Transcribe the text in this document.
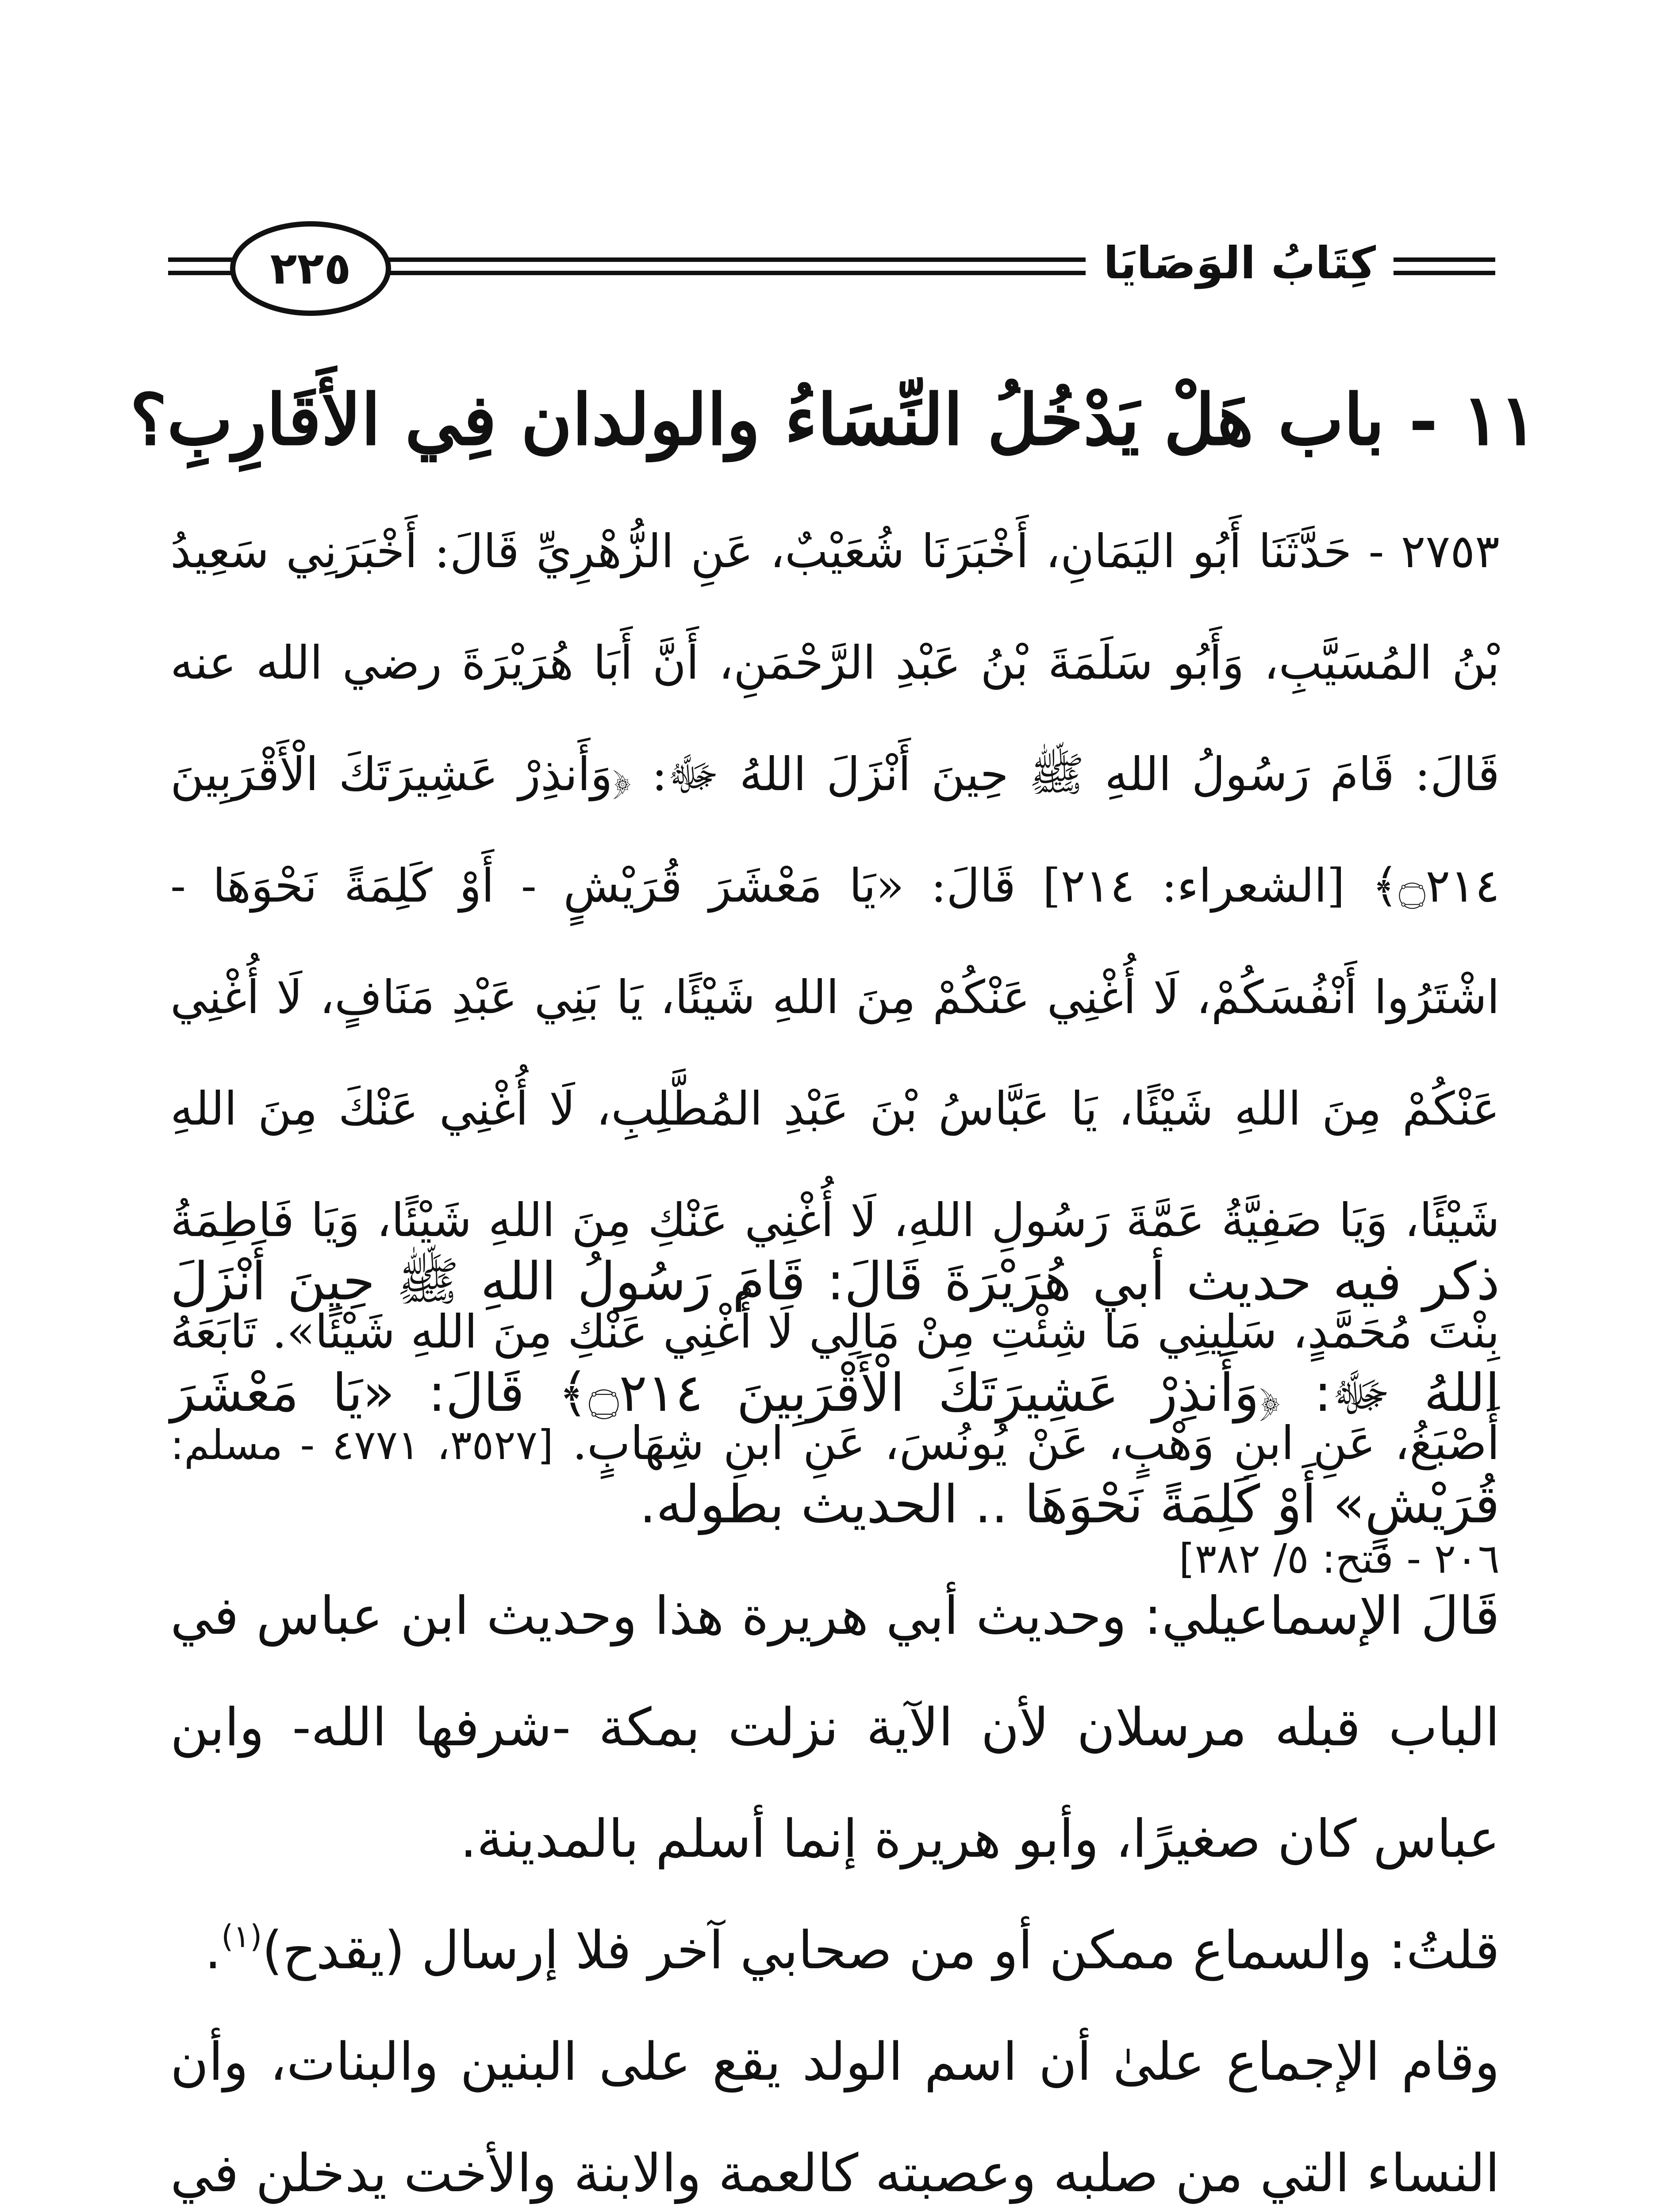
كِتَابُ الوَصَايَا
٢٢٥
١١ - باب هَلْ يَدْخُلُ النِّسَاءُ والولدان فِي الأَقَارِبِ؟
٢٧٥٣ - حَدَّثَنَا أَبُو اليَمَانِ، أَخْبَرَنَا شُعَيْبٌ، عَنِ الزُّهْرِيِّ قَالَ: أَخْبَرَنِي سَعِيدُ بْنُ المُسَيَّبِ، وَأَبُو سَلَمَةَ بْنُ عَبْدِ الرَّحْمَنِ، أَنَّ أَبَا هُرَيْرَةَ رضي الله عنه قَالَ: قَامَ رَسُولُ اللهِ ﷺ حِينَ أَنْزَلَ اللهُ ﷻ: ﴿وَأَنذِرْ عَشِيرَتَكَ الْأَقْرَبِينَ ۝٢١٤﴾ [الشعراء: ٢١٤] قَالَ: «يَا مَعْشَرَ قُرَيْشٍ - أَوْ كَلِمَةً نَحْوَهَا - اشْتَرُوا أَنْفُسَكُمْ، لَا أُغْنِي عَنْكُمْ مِنَ اللهِ شَيْئًا، يَا بَنِي عَبْدِ مَنَافٍ، لَا أُغْنِي عَنْكُمْ مِنَ اللهِ شَيْئًا، يَا عَبَّاسُ بْنَ عَبْدِ المُطَّلِبِ، لَا أُغْنِي عَنْكَ مِنَ اللهِ شَيْئًا، وَيَا صَفِيَّةُ عَمَّةَ رَسُولِ اللهِ، لَا أُغْنِي عَنْكِ مِنَ اللهِ شَيْئًا، وَيَا فَاطِمَةُ بِنْتَ مُحَمَّدٍ، سَلِينِي مَا شِئْتِ مِنْ مَالِي لَا أُغْنِي عَنْكِ مِنَ اللهِ شَيْئًا». تَابَعَهُ أَصْبَغُ، عَنِ ابنِ وَهْبٍ، عَنْ يُونُسَ، عَنِ ابنِ شِهَابٍ. [٣٥٢٧، ٤٧٧١ - مسلم: ٢٠٦ - فتح: ٥/ ٣٨٢]

ذكر فيه حديث أبي هُرَيْرَةَ قَالَ: قَامَ رَسُولُ اللهِ ﷺ حِينَ أَنْزَلَ اللهُ ﷻ: ﴿وَأَنذِرْ عَشِيرَتَكَ الْأَقْرَبِينَ ۝٢١٤﴾ قَالَ: «يَا مَعْشَرَ قُرَيْشٍ» أَوْ كَلِمَةً نَحْوَهَا .. الحديث بطوله.

قَالَ الإسماعيلي: وحديث أبي هريرة هذا وحديث ابن عباس في الباب قبله مرسلان لأن الآية نزلت بمكة -شرفها الله- وابن عباس كان صغيرًا، وأبو هريرة إنما أسلم بالمدينة.

قلتُ: والسماع ممكن أو من صحابي آخر فلا إرسال (يقدح)$^{(١)}$.

وقام الإجماع علىٰ أن اسم الولد يقع على البنين والبنات، وأن النساء التي من صلبه وعصبته كالعمة والابنة والأخت يدخلن في
